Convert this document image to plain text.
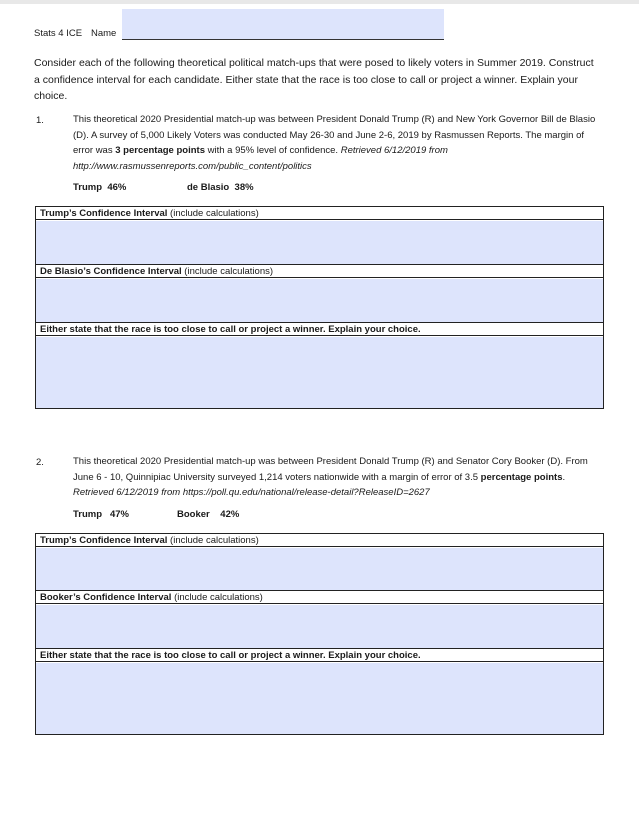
Stats 4 ICE Name
Consider each of the following theoretical political match-ups that were posed to likely voters in Summer 2019. Construct a confidence interval for each candidate. Either state that the race is too close to call or project a winner. Explain your choice.
1.	This theoretical 2020 Presidential match-up was between President Donald Trump (R) and New York Governor Bill de Blasio (D). A survey of 5,000 Likely Voters was conducted May 26-30 and June 2-6, 2019 by Rasmussen Reports. The margin of error was 3 percentage points with a 95% level of confidence. Retrieved 6/12/2019 from http://www.rasmussenreports.com/public_content/politics
Trump 46%	de Blasio 38%
Trump’s Confidence Interval (include calculations)
De Blasio’s Confidence Interval (include calculations)
Either state that the race is too close to call or project a winner. Explain your choice.
2.	This theoretical 2020 Presidential match-up was between President Donald Trump (R) and Senator Cory Booker (D). From June 6 - 10, Quinnipiac University surveyed 1,214 voters nationwide with a margin of error of 3.5 percentage points. Retrieved 6/12/2019 from https://poll.qu.edu/national/release-detail?ReleaseID=2627
Trump 47%	Booker 42%
Trump’s Confidence Interval (include calculations)
Booker’s Confidence Interval (include calculations)
Either state that the race is too close to call or project a winner. Explain your choice.
